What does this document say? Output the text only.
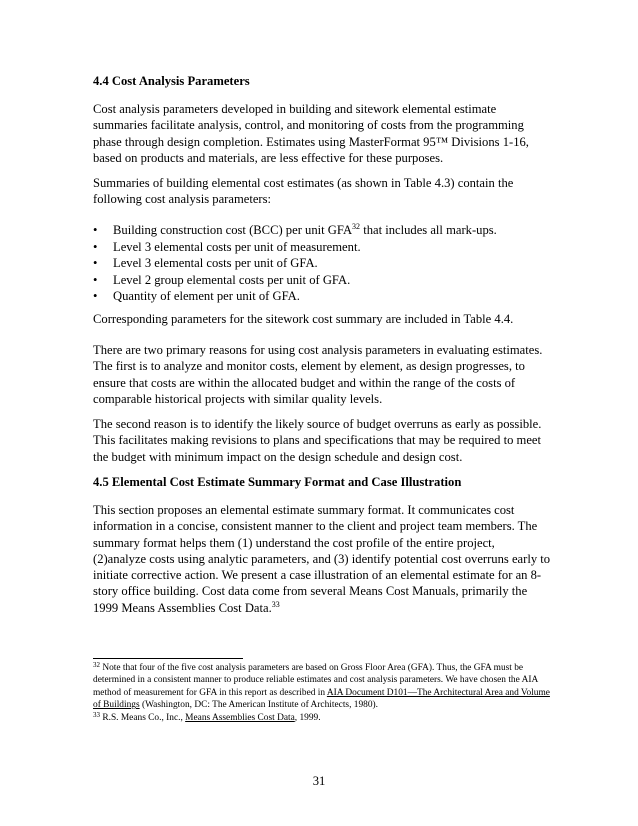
4.4 Cost Analysis Parameters

Cost analysis parameters developed in building and sitework elemental estimate summaries facilitate analysis, control, and monitoring of costs from the programming phase through design completion. Estimates using MasterFormat 95™ Divisions 1-16, based on products and materials, are less effective for these purposes.

Summaries of building elemental cost estimates (as shown in Table 4.3) contain the following cost analysis parameters:

• Building construction cost (BCC) per unit GFA$^{32}$ that includes all mark-ups.
• Level 3 elemental costs per unit of measurement.
• Level 3 elemental costs per unit of GFA.
• Level 2 group elemental costs per unit of GFA.
• Quantity of element per unit of GFA.

Corresponding parameters for the sitework cost summary are included in Table 4.4.

There are two primary reasons for using cost analysis parameters in evaluating estimates. The first is to analyze and monitor costs, element by element, as design progresses, to ensure that costs are within the allocated budget and within the range of the costs of comparable historical projects with similar quality levels.

The second reason is to identify the likely source of budget overruns as early as possible. This facilitates making revisions to plans and specifications that may be required to meet the budget with minimum impact on the design schedule and design cost.

4.5 Elemental Cost Estimate Summary Format and Case Illustration

This section proposes an elemental estimate summary format. It communicates cost information in a concise, consistent manner to the client and project team members. The summary format helps them (1) understand the cost profile of the entire project, (2)analyze costs using analytic parameters, and (3) identify potential cost overruns early to initiate corrective action. We present a case illustration of an elemental estimate for an 8-story office building. Cost data come from several Means Cost Manuals, primarily the 1999 Means Assemblies Cost Data.$^{33}$

$^{32}$ Note that four of the five cost analysis parameters are based on Gross Floor Area (GFA). Thus, the GFA must be determined in a consistent manner to produce reliable estimates and cost analysis parameters. We have chosen the AIA method of measurement for GFA in this report as described in AIA Document D101—The Architectural Area and Volume of Buildings (Washington, DC: The American Institute of Architects, 1980).

$^{33}$ R.S. Means Co., Inc., Means Assemblies Cost Data, 1999.

31
